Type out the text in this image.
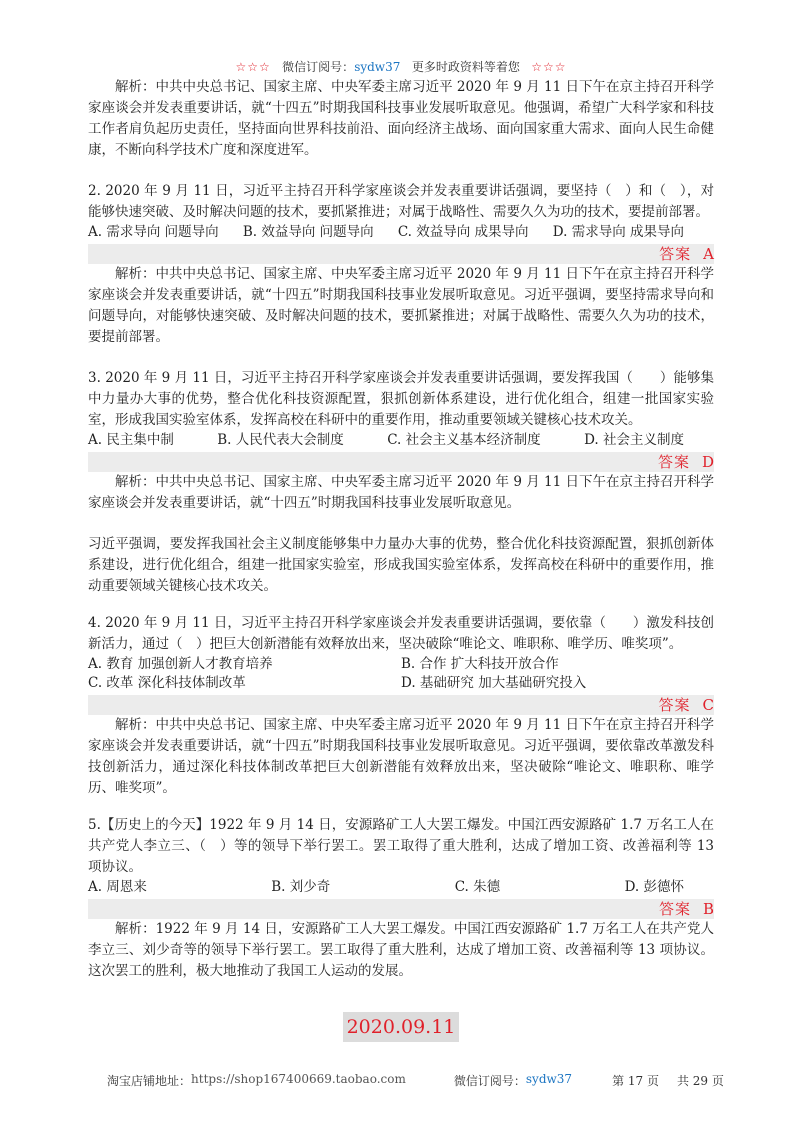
☆☆☆ 微信订阅号：sydw37 更多时政资料等着您 ☆☆☆

解析：中共中央总书记、国家主席、中央军委主席习近平 2020 年 9 月 11 日下午在京主持召开科学家座谈会并发表重要讲话，就“十四五”时期我国科技事业发展听取意见。他强调，希望广大科学家和科技工作者肩负起历史责任，坚持面向世界科技前沿、面向经济主战场、面向国家重大需求、面向人民生命健康，不断向科学技术广度和深度进军。

2. 2020 年 9 月 11 日，习近平主持召开科学家座谈会并发表重要讲话强调，要坚持（　）和（　），对能够快速突破、及时解决问题的技术，要抓紧推进；对属于战略性、需要久久为功的技术，要提前部署。

A. 需求导向 问题导向 B. 效益导向 问题导向 C. 效益导向 成果导向 D. 需求导向 成果导向
答案 A

解析：中共中央总书记、国家主席、中央军委主席习近平 2020 年 9 月 11 日下午在京主持召开科学家座谈会并发表重要讲话，就“十四五”时期我国科技事业发展听取意见。习近平强调，要坚持需求导向和问题导向，对能够快速突破、及时解决问题的技术，要抓紧推进；对属于战略性、需要久久为功的技术，要提前部署。

3. 2020 年 9 月 11 日，习近平主持召开科学家座谈会并发表重要讲话强调，要发挥我国（　　）能够集中力量办大事的优势，整合优化科技资源配置，狠抓创新体系建设，进行优化组合，组建一批国家实验室，形成我国实验室体系，发挥高校在科研中的重要作用，推动重要领域关键核心技术攻关。

A. 民主集中制	B. 人民代表大会制度	C. 社会主义基本经济制度	D. 社会主义制度
答案 D

解析：中共中央总书记、国家主席、中央军委主席习近平 2020 年 9 月 11 日下午在京主持召开科学家座谈会并发表重要讲话，就“十四五”时期我国科技事业发展听取意见。

习近平强调，要发挥我国社会主义制度能够集中力量办大事的优势，整合优化科技资源配置，狠抓创新体系建设，进行优化组合，组建一批国家实验室，形成我国实验室体系，发挥高校在科研中的重要作用，推动重要领域关键核心技术攻关。

4. 2020 年 9 月 11 日，习近平主持召开科学家座谈会并发表重要讲话强调，要依靠（　　）激发科技创新活力，通过（　）把巨大创新潜能有效释放出来，坚决破除“唯论文、唯职称、唯学历、唯奖项”。

A. 教育 加强创新人才教育培养	B. 合作 扩大科技开放合作
C. 改革 深化科技体制改革	D. 基础研究 加大基础研究投入
答案 C

解析：中共中央总书记、国家主席、中央军委主席习近平 2020 年 9 月 11 日下午在京主持召开科学家座谈会并发表重要讲话，就“十四五”时期我国科技事业发展听取意见。习近平强调，要依靠改革激发科技创新活力，通过深化科技体制改革把巨大创新潜能有效释放出来，坚决破除“唯论文、唯职称、唯学历、唯奖项”。

5.【历史上的今天】1922 年 9 月 14 日，安源路矿工人大罢工爆发。中国江西安源路矿 1.7 万名工人在共产党人李立三、（　）等的领导下举行罢工。罢工取得了重大胜利，达成了增加工资、改善福利等 13 项协议。

A. 周恩来	B. 刘少奇	C. 朱德	D. 彭德怀
答案 B

解析：1922 年 9 月 14 日，安源路矿工人大罢工爆发。中国江西安源路矿 1.7 万名工人在共产党人李立三、刘少奇等的领导下举行罢工。罢工取得了重大胜利，达成了增加工资、改善福利等 13 项协议。这次罢工的胜利，极大地推动了我国工人运动的发展。

2020.09.11
淘宝店铺地址： https://shop167400669.taobao.com	微信订阅号： sydw37	第 17 页 共 29 页
